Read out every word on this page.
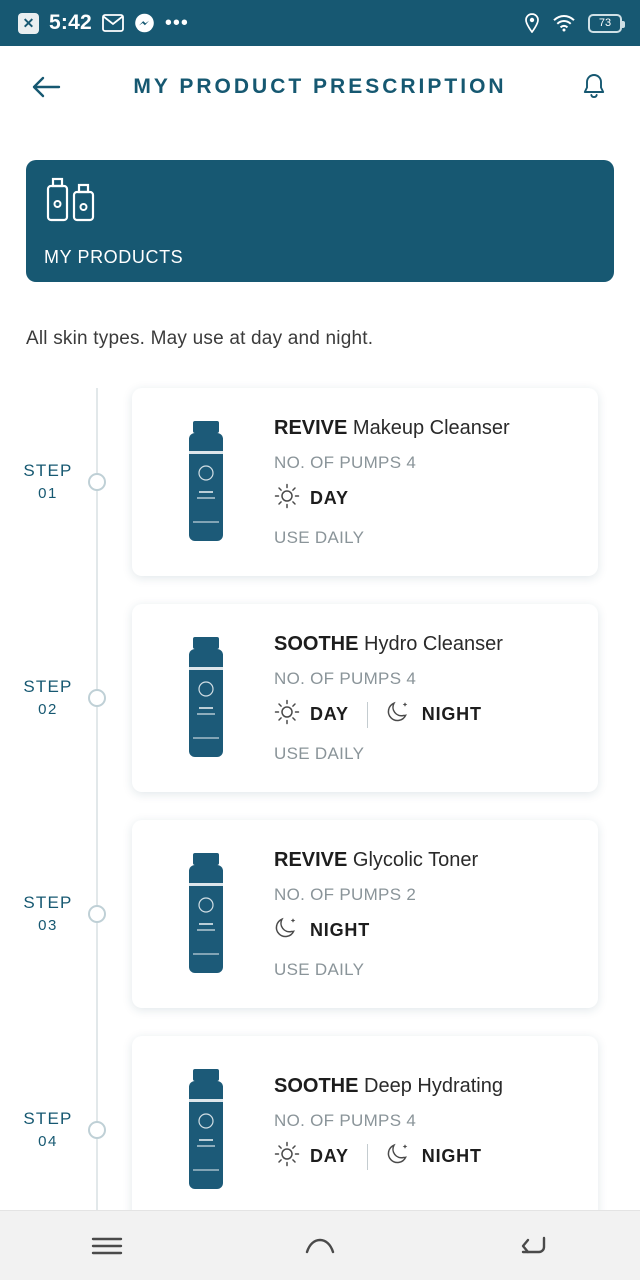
✕ 5:42	•••	73
MY PRODUCT PRESCRIPTION
MY PRODUCTS
All skin types. May use at day and night.
STEP
01
REVIVE Makeup Cleanser
NO. OF PUMPS 4
DAY
USE DAILY
STEP
02
SOOTHE Hydro Cleanser
NO. OF PUMPS 4
DAY	NIGHT
USE DAILY
STEP
03
REVIVE Glycolic Toner
NO. OF PUMPS 2
NIGHT
USE DAILY
STEP
04
SOOTHE Deep Hydrating
NO. OF PUMPS 4
DAY	NIGHT
